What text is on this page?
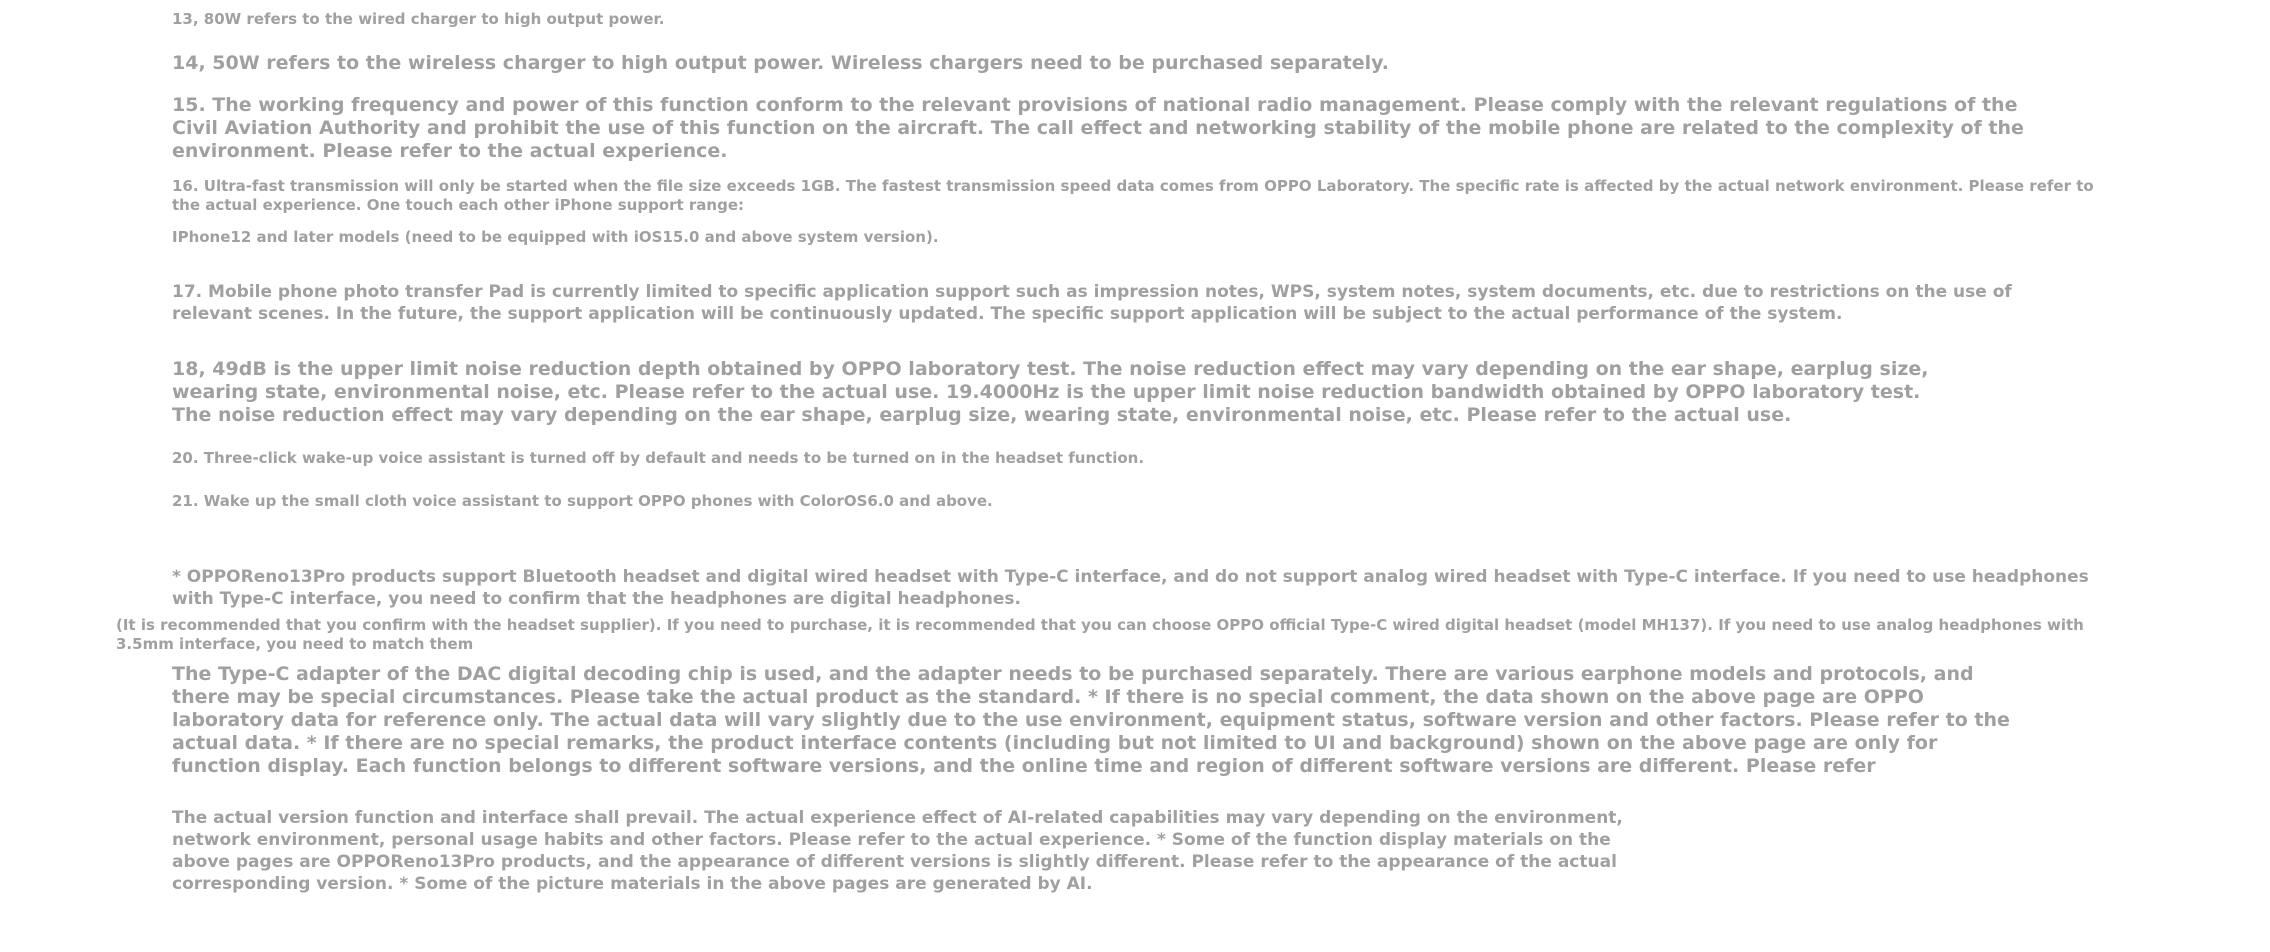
13, 80W refers to the wired charger to high output power.

14, 50W refers to the wireless charger to high output power. Wireless chargers need to be purchased separately.

15. The working frequency and power of this function conform to the relevant provisions of national radio management. Please comply with the relevant regulations of the Civil Aviation Authority and prohibit the use of this function on the aircraft. The call effect and networking stability of the mobile phone are related to the complexity of the environment. Please refer to the actual experience.

16. Ultra-fast transmission will only be started when the file size exceeds 1GB. The fastest transmission speed data comes from OPPO Laboratory. The specific rate is affected by the actual network environment. Please refer to the actual experience. One touch each other iPhone support range:

IPhone12 and later models (need to be equipped with iOS15.0 and above system version).

17. Mobile phone photo transfer Pad is currently limited to specific application support such as impression notes, WPS, system notes, system documents, etc. due to restrictions on the use of relevant scenes. In the future, the support application will be continuously updated. The specific support application will be subject to the actual performance of the system.

18, 49dB is the upper limit noise reduction depth obtained by OPPO laboratory test. The noise reduction effect may vary depending on the ear shape, earplug size, wearing state, environmental noise, etc. Please refer to the actual use. 19.4000Hz is the upper limit noise reduction bandwidth obtained by OPPO laboratory test. The noise reduction effect may vary depending on the ear shape, earplug size, wearing state, environmental noise, etc. Please refer to the actual use.

20. Three-click wake-up voice assistant is turned off by default and needs to be turned on in the headset function.

21. Wake up the small cloth voice assistant to support OPPO phones with ColorOS6.0 and above.

* OPPOReno13Pro products support Bluetooth headset and digital wired headset with Type-C interface, and do not support analog wired headset with Type-C interface. If you need to use headphones with Type-C interface, you need to confirm that the headphones are digital headphones.

(It is recommended that you confirm with the headset supplier). If you need to purchase, it is recommended that you can choose OPPO official Type-C wired digital headset (model MH137). If you need to use analog headphones with 3.5mm interface, you need to match them

The Type-C adapter of the DAC digital decoding chip is used, and the adapter needs to be purchased separately. There are various earphone models and protocols, and there may be special circumstances. Please take the actual product as the standard. * If there is no special comment, the data shown on the above page are OPPO laboratory data for reference only. The actual data will vary slightly due to the use environment, equipment status, software version and other factors. Please refer to the actual data. * If there are no special remarks, the product interface contents (including but not limited to UI and background) shown on the above page are only for function display. Each function belongs to different software versions, and the online time and region of different software versions are different. Please refer

The actual version function and interface shall prevail. The actual experience effect of AI-related capabilities may vary depending on the environment, network environment, personal usage habits and other factors. Please refer to the actual experience. * Some of the function display materials on the above pages are OPPOReno13Pro products, and the appearance of different versions is slightly different. Please refer to the appearance of the actual corresponding version. * Some of the picture materials in the above pages are generated by AI.
